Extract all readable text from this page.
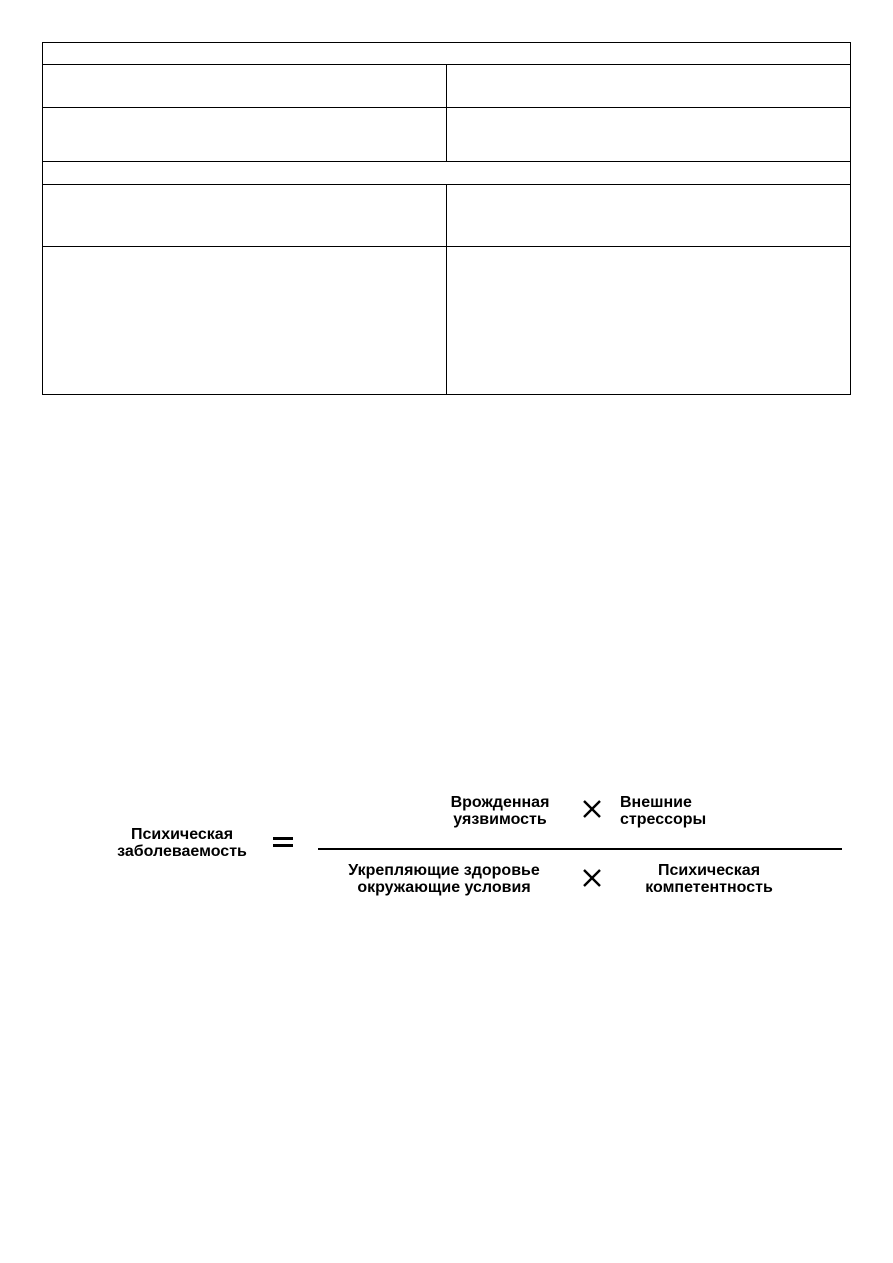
Психическая
заболеваемость
Врожденная
уязвимость
Внешние
стрессоры
Укрепляющие здоровье
окружающие условия
Психическая
компетентность
